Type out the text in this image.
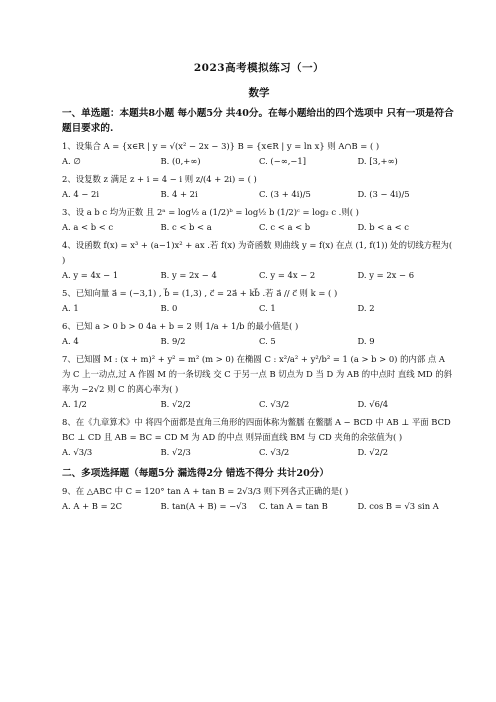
2023高考模拟练习（一）
数学
一、单选题：本题共8小题 每小题5分 共40分。在每小题给出的四个选项中 只有一项是符合题目要求的.
1、设集合 A = {x∈R | y = √(x² − 2x − 3)} B = {x∈R | y = ln x} 则 A∩B = ( )
A. ∅	B. (0,+∞)	C. (−∞,−1]	D. [3,+∞)
2、设复数 z 满足 z + i = 4 − i 则 z/(4 + 2i) = ( )
A. 4 − 2i	B. 4 + 2i	C. (3 + 4i)/5	D. (3 − 4i)/5
3、设 a b c 均为正数 且 2ᵃ = log½ a (1/2)ᵇ = log½ b (1/2)ᶜ = log₂ c .则( )
A. a < b < c	B. c < b < a	C. c < a < b	D. b < a < c
4、设函数 f(x) = x³ + (a−1)x² + ax .若 f(x) 为奇函数 则曲线 y = f(x) 在点 (1, f(1)) 处的切线方程为( )
A. y = 4x − 1	B. y = 2x − 4	C. y = 4x − 2	D. y = 2x − 6
5、已知向量 a⃗ = (−3,1) , b⃗ = (1,3) , c⃗ = 2a⃗ + kb⃗ .若 a⃗ // c⃗ 则 k = ( )
A. 1	B. 0	C. 1	D. 2
6、已知 a > 0 b > 0 4a + b = 2 则 1/a + 1/b 的最小值是( )
A. 4	B. 9/2	C. 5	D. 9
7、已知圆 M : (x + m)² + y² = m² (m > 0) 在椭圆 C : x²/a² + y²/b² = 1 (a > b > 0) 的内部 点 A 为 C 上一动点,过 A 作圆 M 的一条切线 交 C 于另一点 B 切点为 D 当 D 为 AB 的中点时 直线 MD 的斜率为 −2√2 则 C 的离心率为( )
A. 1/2	B. √2/2	C. √3/2	D. √6/4
8、在《九章算术》中 将四个面都是直角三角形的四面体称为鳖臑 在鳖臑 A − BCD 中 AB ⊥ 平面 BCD BC ⊥ CD 且 AB = BC = CD M 为 AD 的中点 则异面直线 BM 与 CD 夹角的余弦值为( )
A. √3/3	B. √2/3	C. √3/2	D. √2/2
二、多项选择题（每题5分 漏选得2分 错选不得分 共计20分）
9、在 △ABC 中 C = 120° tan A + tan B = 2√3/3 则下列各式正确的是( )
A. A + B = 2C	B. tan(A + B) = −√3	C. tan A = tan B	D. cos B = √3 sin A
